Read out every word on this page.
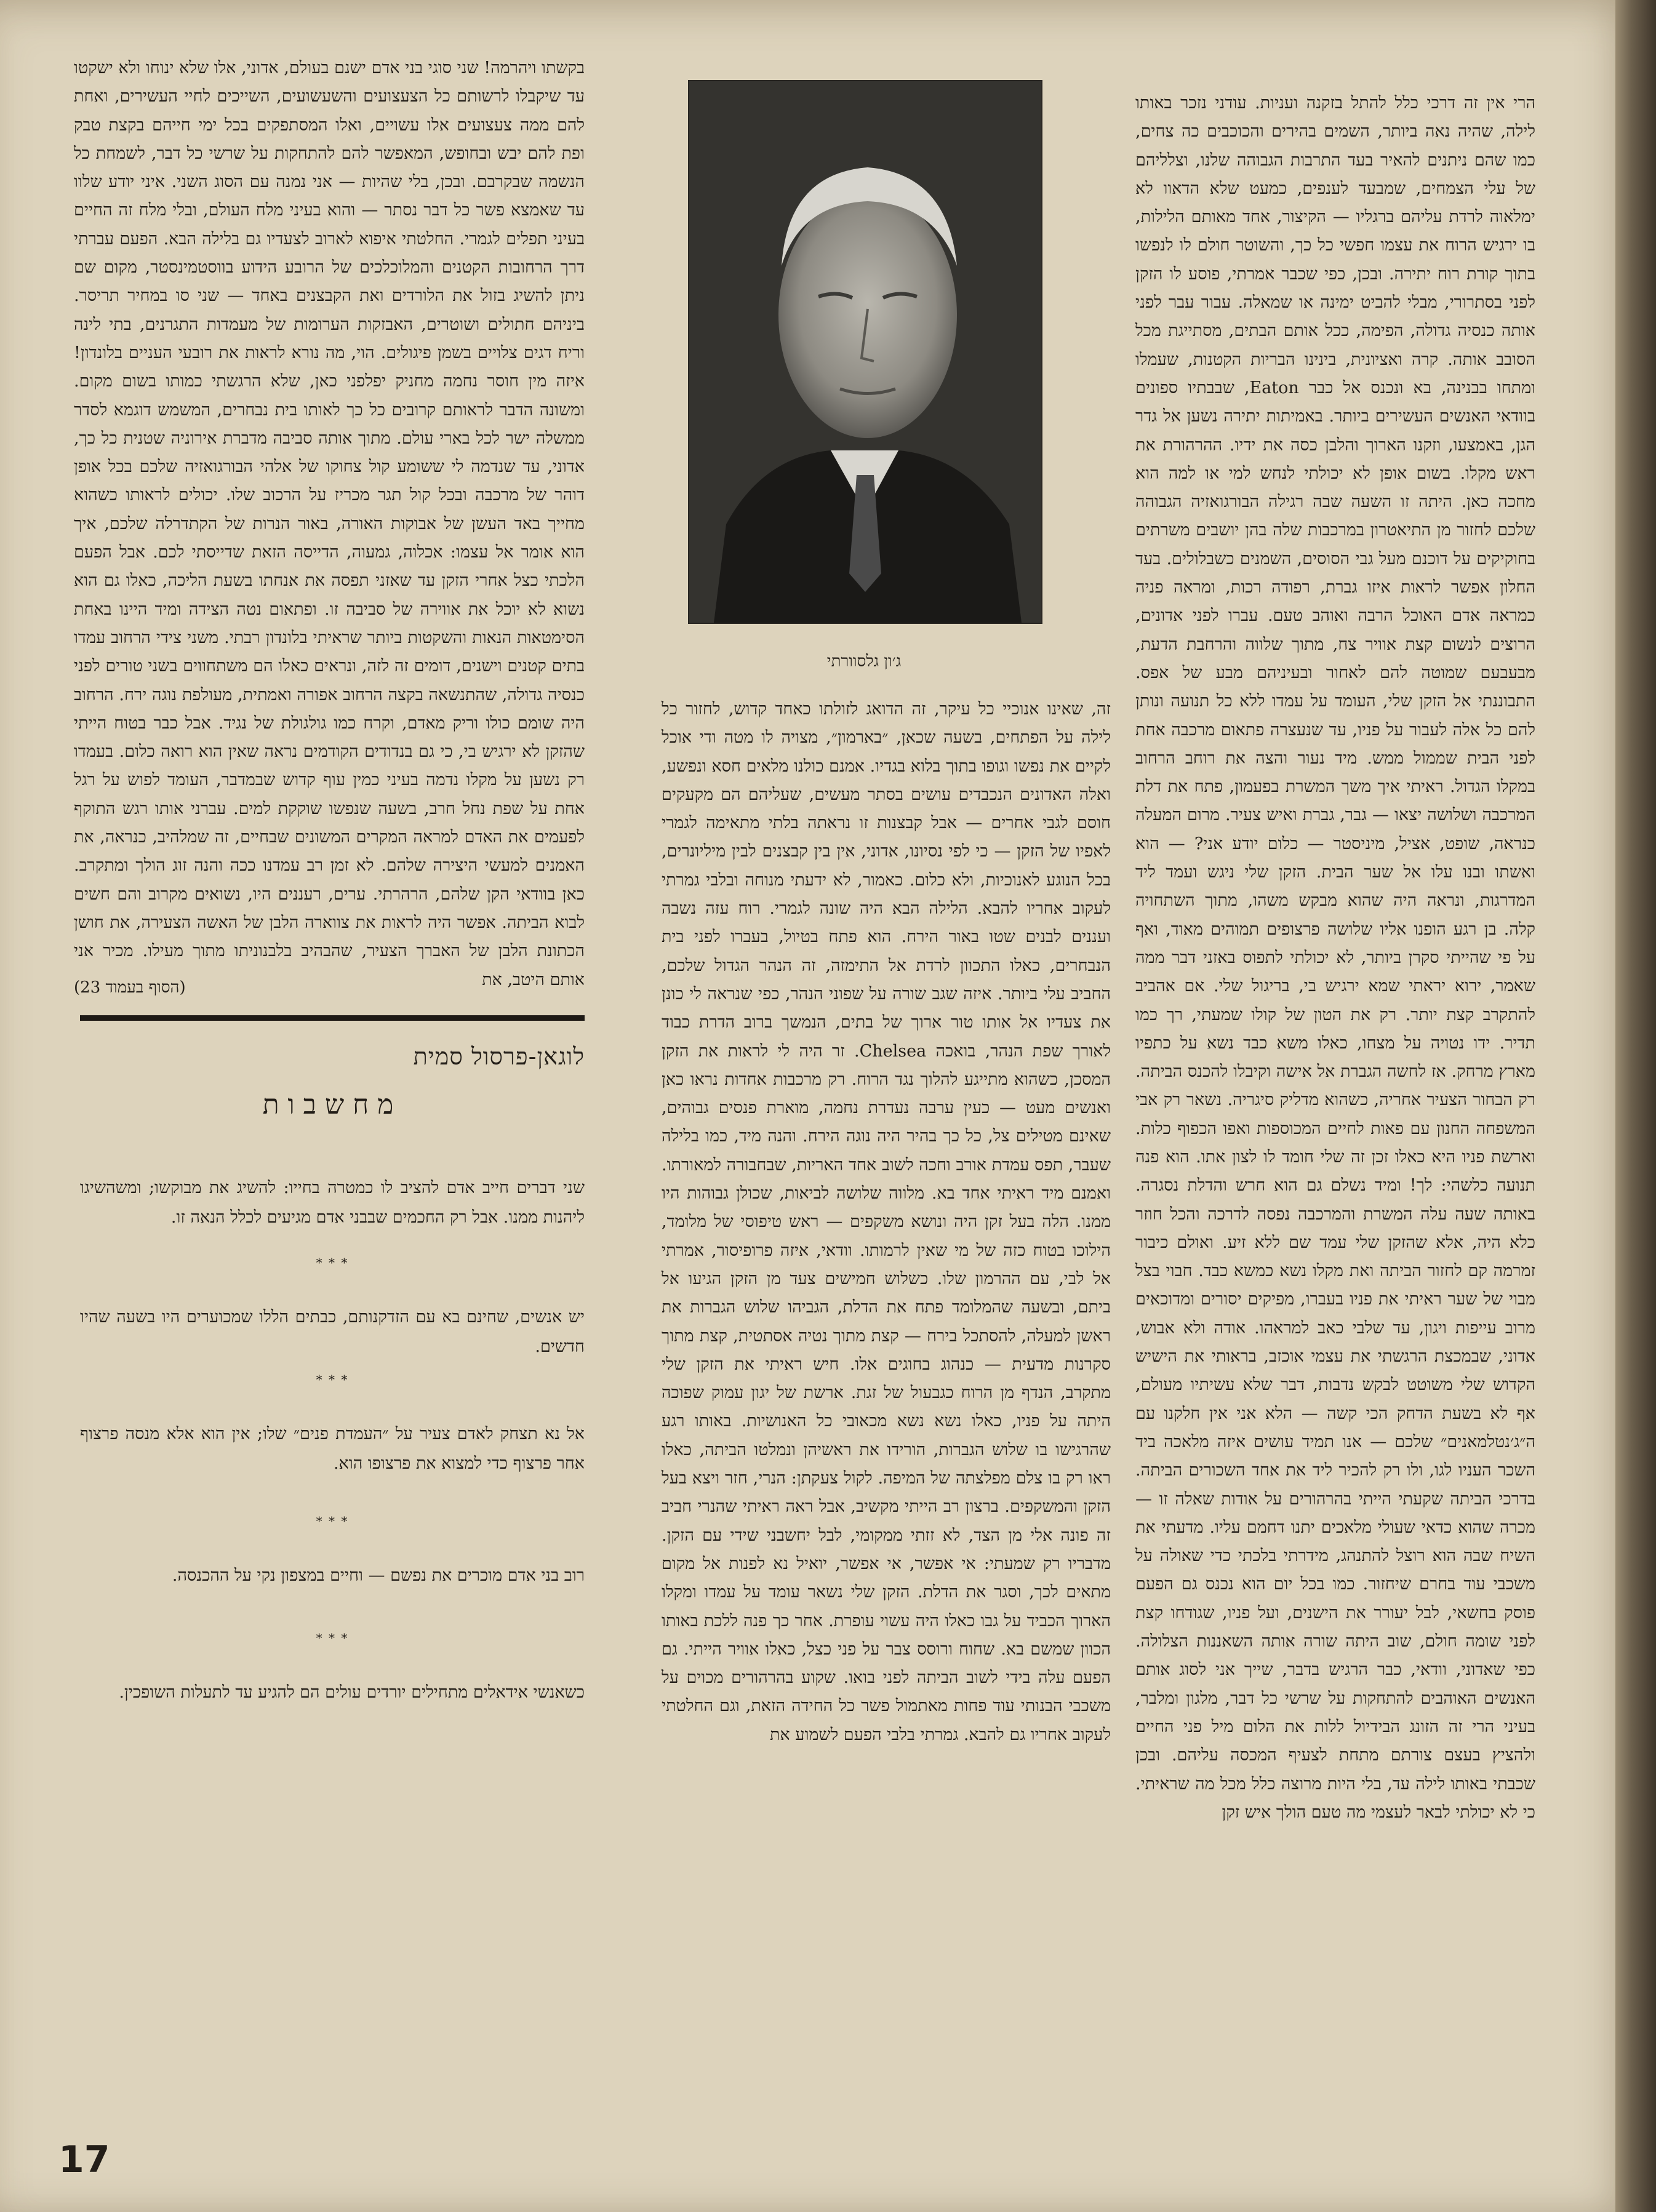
הרי אין זה דרכי כלל להתל בזקנה ועניות. עודני נזכר באותו לילה, שהיה נאה ביותר, השמים בהירים והכוכבים כה צחים, כמו שהם ניתנים להאיר בעד התרבות הגבוהה שלנו, וצלליהם של עלי הצמחים, שמבעד לענפים, כמעט שלא הדאוו לא ימלאוה לרדת עליהם ברגליו — הקיצור, אחד מאותם הלילות, בו ירגיש הרוח את עצמו חפשי כל כך, והשוטר חולם לו לנפשו בתוך קורת רוח יתירה. ובכן, כפי שכבר אמרתי, פוסע לו הזקן לפני בסתרורי, מבלי להביט ימינה או שמאלה. עבור עבר לפני אותה כנסיה גדולה, הפימה, ככל אותם הבתים, מסתייגת מכל הסובב אותה. קרה ואציונית, בינינו הבריות הקטנות, שעמלו ומתחו בבנינה, בא ונכנס אל כבר Eaton, שבבתיו ספונים בוודאי האנשים העשירים ביותר. באמיתות יתירה נשען אל גדר הגן, באמצעו, וזקנו הארוך והלבן כסה את ידיו. ההרהורת את ראש מקלו. בשום אופן לא יכולתי לנחש למי או למה הוא מחכה כאן. היתה זו השעה שבה רגילה הבורגואזיה הגבוהה שלכם לחזור מן התיאטרון במרכבות שלה בהן יושבים משרתים בחוקיקים על דוכנם מעל גבי הסוסים, השמנים כשבלולים. בעד החלון אפשר לראות איזו גברת, רפודה רכות, ומראה פניה כמראה אדם האוכל הרבה ואוהב טעם. עברו לפני אדונים, הרוצים לנשום קצת אוויר צח, מתוך שלווה והרחבת הדעת, מבעבעם שמוטה להם לאחור ובעיניהם מבע של אפס. התבוננתי אל הזקן שלי, העומד על עמדו ללא כל תנועה ונותן להם כל אלה לעבור על פניו, עד שנעצרה פתאום מרכבה אחת לפני הבית שממול ממש. מיד נעור והצה את רוחב הרחוב במקלו הגדול. ראיתי איך משך המשרת בפעמון, פתח את דלת המרכבה ושלושה יצאו — גבר, גברת ואיש צעיר. מרום המעלה כנראה, שופט, אציל, מיניסטר — כלום יודע אני? — הוא ואשתו ובנו עלו אל שער הבית. הזקן שלי ניגש ועמד ליד המדרגות, ונראה היה שהוא מבקש משהו, מתוך השתחויה קלה. בן רגע הופנו אליו שלושה פרצופים תמוהים מאוד, ואף על פי שהייתי סקרן ביותר, לא יכולתי לתפוס באזני דבר ממה שאמר, ירוא יראתי שמא ירגיש בי, בריגול שלי. אם אהביב להתקרב קצת יותר. רק את הטון של קולו שמעתי, רך כמו תדיר. ידו נטויה על מצחו, כאלו משא כבד נשא על כתפיו מארץ מרחק. אז לחשה הגברת אל אישה וקיבלו להכנס הביתה. רק הבחור הצעיר אחריה, כשהוא מדליק סיגריה. נשאר רק אבי המשפחה החנון עם פאות לחיים המכוספות ואפו הכפוף כלות. וארשת פניו היא כאלו זכן זה שלי חומד לו לצון אתו. הוא פנה תנועה כלשהי: לך! ומיד נשלם גם הוא חרש והדלת נסגרה. באותה שעה עלה המשרת והמרכבה נפסה לדרכה והכל חוזר כלא היה, אלא שהזקן שלי עמד שם ללא זיע. ואולם כיבור זמרמה קם לחזור הביתה ואת מקלו נשא כמשא כבד. חבוי בצל מבוי של שער ראיתי את פניו בעברו, מפיקים יסורים ומדוכאים מרוב עייפות ויגון, עד שלבי כאב למראהו. אודה ולא אבוש, אדוני, שבמכצת הרגשתי את עצמי אוכזב, בראותי את הישיש הקדוש שלי משוטט לבקש נדבות, דבר שלא עשיתיו מעולם, אף לא בשעת הדחק הכי קשה — הלא אני אין חלקנו עם ה״ג׳נטלמאנים״ שלכם — אנו תמיד עושים איזה מלאכה ביד השכר העניו לגו, ולו רק להכיר ליד את אחד השכורים הביתה. בדרכי הביתה שקעתי הייתי בהרהורים על אודות שאלה זו — מכרה שהוא כדאי שעולי מלאכים יתנו דחמם עליו. מדעתי את השיח שבה הוא רוצל להתנהג, מידרתי בלכתי כדי שאולה על משכבי עוד בחרם שיחזור. כמו בכל יום הוא נכנס גם הפעם פוסק בחשאי, לבל יעורר את הישנים, ועל פניו, שגודחו קצת לפני שומה חולם, שוב היתה שורה אותה השאננות הצלולה. כפי שאדוני, וודאי, כבר הרגיש בדבר, שייך אני לסוג אותם האנשים האוהבים להתחקות על שרשי כל דבר, מלגון ומלבר, בעיני הרי זה הזונג הבידיול ללות את הלום מיל פני החיים ולהציץ בעצם צורתם מתחת לצעיף המכסה עליהם. ובכן שכבתי באותו לילה עד, בלי היות מרוצה כלל מכל מה שראיתי. כי לא יכולתי לבאר לעצמי מה טעם הולך איש זקן

ג׳ון גלסוורתי

זה, שאינו אנוכיי כל עיקר, זה הדואג לזולתו כאחד קדוש, לחזור כל לילה על הפתחים, בשעה שכאן, ״בארמון״, מצויה לו מטה ודי אוכל לקיים את נפשו וגופו בתוך בלוא בגדיו. אמנם כולנו מלאים חסא ונפשע, ואלה האדונים הנכבדים עושים בסתר מעשים, שעליהם הם מקעקים חוסם לגבי אחרים — אבל קבצנות זו נראתה בלתי מתאימה לגמרי לאפיו של הזקן — כי לפי נסיונו, אדוני, אין בין קבצנים לבין מיליונרים, בכל הנוגע לאנוכיות, ולא כלום. כאמור, לא ידעתי מנוחה ובלבי גמרתי לעקוב אחריו להבא. הלילה הבא היה שונה לגמרי. רוח עזה נשבה ועננים לבנים שטו באור הירח. הוא פתח בטיול, בעברו לפני בית הנבחרים, כאלו התכוון לרדת אל התימזה, זה הנהר הגדול שלכם, החביב עלי ביותר. איזה שגב שורה על שפוני הנהר, כפי שנראה לי כונן את צעדיו אל אותו טור ארוך של בתים, הנמשך ברוב הדרת כבוד לאורך שפת הנהר, בואכה Chelsea. זר היה לי לראות את הזקן המסכן, כשהוא מתייגע להלוך נגד הרוח. רק מרכבות אחדות נראו כאן ואנשים מעט — כעין ערבה נעדרת נחמה, מוארת פנסים גבוהים, שאינם מטילים צל, כל כך בהיר היה נוגה הירח. והנה מיד, כמו בלילה שעבר, תפס עמדת אורב וחכה לשוב אחד האריות, שבחבורה למאורתו. ואמנם מיד ראיתי אחד בא. מלווה שלושה לביאות, שכולן גבוהות היו ממנו. הלה בעל זקן היה ונושא משקפים — ראש טיפוסי של מלומד, הילוכו בטוח כזה של מי שאין לרמותו. וודאי, איזה פרופיסור, אמרתי אל לבי, עם ההרמון שלו. כשלוש חמישים צעד מן הזקן הגיעו אל ביתם, ובשעה שהמלומד פתח את הדלת, הגביהו שלוש הגברות את ראשן למעלה, להסתכל בירח — קצת מתוך נטיה אסתטית, קצת מתוך סקרנות מדעית — כנהוג בחוגים אלו. חיש ראיתי את הזקן שלי מתקרב, הנדף מן הרוח כגבעול של זגת. ארשת של יגון עמוק שפוכה היתה על פניו, כאלו נשא נשא מכאובי כל האנושיות. באותו רגע שהרגישו בו שלוש הגברות, הורידו את ראשיהן ונמלטו הביתה, כאלו ראו רק בו צלם מפלצתה של המיפה. לקול צעקתן: הנרי, חזר ויצא בעל הזקן והמשקפים. ברצון רב הייתי מקשיב, אבל ראה ראיתי שהנרי חביב זה פונה אלי מן הצד, לא זזתי ממקומי, לבל יחשבני שידי עם הזקן. מדבריו רק שמעתי: אי אפשר, אי אפשר, יואיל נא לפנות אל מקום מתאים לכך, וסגר את הדלת. הזקן שלי נשאר עומד על עמדו ומקלו הארוך הכביד על גבו כאלו היה עשוי עופרת. אחר כך פנה ללכת באותו הכוון שמשם בא. שחוח ורוסס צבר על פני כצל, כאלו אוויר הייתי. גם הפעם עלה בידי לשוב הביתה לפני בואו. שקוע בהרהורים מכוים על משכבי הבנותי עוד פחות מאתמול פשר כל החידה הזאת, וגם החלטתי לעקוב אחריו גם להבא. גמרתי בלבי הפעם לשמוע את

בקשתו ויהרמה! שני סוגי בני אדם ישנם בעולם, אדוני, אלו שלא ינוחו ולא ישקטו עד שיקבלו לרשותם כל הצעצועים והשעשועים, השייכים לחיי העשירים, ואחת להם ממה צעצועים אלו עשויים, ואלו המסתפקים בכל ימי חייהם בקצת טבק ופת להם יבש ובחופש, המאפשר להם להתחקות על שרשי כל דבר, לשמחת כל הנשמה שבקרבם. ובכן, בלי שהיות — אני נמנה עם הסוג השני. איני יודע שלוו עד שאמצא פשר כל דבר נסתר — והוא בעיני מלח העולם, ובלי מלח זה החיים בעיני תפלים לגמרי. החלטתי איפוא לארוב לצעדיו גם בלילה הבא. הפעם עברתי דרך הרחובות הקטנים והמלוכלכים של הרובע הידוע בווסטמינסטר, מקום שם ניתן להשיג בזול את הלורדים ואת הקבצנים באחד — שני סו במחיר תריסר. ביניהם חתולים ושוטרים, האבזקות הערומות של מעמדות התגרנים, בתי לינה וריח דגים צלויים בשמן פיגולים. הוי, מה נורא לראות את רובעי העניים בלונדון! איזה מין חוסר נחמה מחניק יפלפני כאן, שלא הרגשתי כמותו בשום מקום. ומשונה הדבר לראותם קרובים כל כך לאותו בית נבחרים, המשמש דוגמא לסדר ממשלה ישר לכל בארי עולם. מתוך אותה סביבה מדברת אירוניה שטנית כל כך, אדוני, עד שנדמה לי ששומע קול צחוקו של אלהי הבורגואזיה שלכם בכל אופן דוהר של מרכבה ובכל קול תגר מכריז על הרכוב שלו. יכולים לראותו כשהוא מחייך באד העשן של אבוקות האורה, באור הנרות של הקתדרלה שלכם, איך הוא אומר אל עצמו: אכלוה, גמעוה, הדייסה הזאת שדייסתי לכם. אבל הפעם הלכתי כצל אחרי הזקן עד שאזני תפסה את אנחתו בשעת הליכה, כאלו גם הוא נשוא לא יוכל את אווירה של סביבה זו. ופתאום נטה הצידה ומיד היינו באחת הסימטאות הנאות והשקטות ביותר שראיתי בלונדון רבתי. משני צידי הרחוב עמדו בתים קטנים וישנים, דומים זה לזה, ונראים כאלו הם משתחווים בשני טורים לפני כנסיה גדולה, שהתנשאה בקצה הרחוב אפורה ואמתית, מעולפת נוגה ירח. הרחוב היה שומם כולו וריק מאדם, וקרח כמו גולגולת של נגיד. אבל כבר בטוח הייתי שהזקן לא ירגיש בי, כי גם בנדודים הקודמים נראה שאין הוא רואה כלום. בעמדו רק נשען על מקלו נדמה בעיני כמין עוף קדוש שבמדבר, העומד לפוש על רגל אחת על שפת נחל חרב, בשעה שנפשו שוקקת למים. עברני אותו רגש התוקף לפעמים את האדם למראה המקרים המשונים שבחיים, זה שמלהיב, כנראה, את האמנים למעשי היצירה שלהם. לא זמן רב עמדנו ככה והנה זוג הולך ומתקרב. כאן בוודאי הקן שלהם, הרהרתי. ערים, רעננים היו, נשואים מקרוב והם חשים לבוא הביתה. אפשר היה לראות את צווארה הלבן של האשה הצעירה, את חושן הכתונת הלבן של האברך הצעיר, שהבהיב בלבנוניתו מתוך מעילו. מכיר אני אותם היטב, את

(הסוף בעמוד 23)
לוגאן-פרסול סמית
מחשבות

שני דברים חייב אדם להציב לו כמטרה בחייו: להשיג את מבוקשו; ומשהשיגו ליהנות ממנו. אבל רק החכמים שבבני אדם מגיעים לכלל הנאה זו.

* * *

יש אנשים, שחינם בא עם הזדקנותם, כבתים הללו שמכוערים היו בשעה שהיו חדשים.

* * *

אל נא תצחק לאדם צעיר על ״העמדת פנים״ שלו; אין הוא אלא מנסה פרצוף אחר פרצוף כדי למצוא את פרצופו הוא.

* * *

רוב בני אדם מוכרים את נפשם — וחיים במצפון נקי על ההכנסה.

* * *

כשאנשי אידאלים מתחילים יורדים עולים הם להגיע עד לתעלות השופכין.

17
